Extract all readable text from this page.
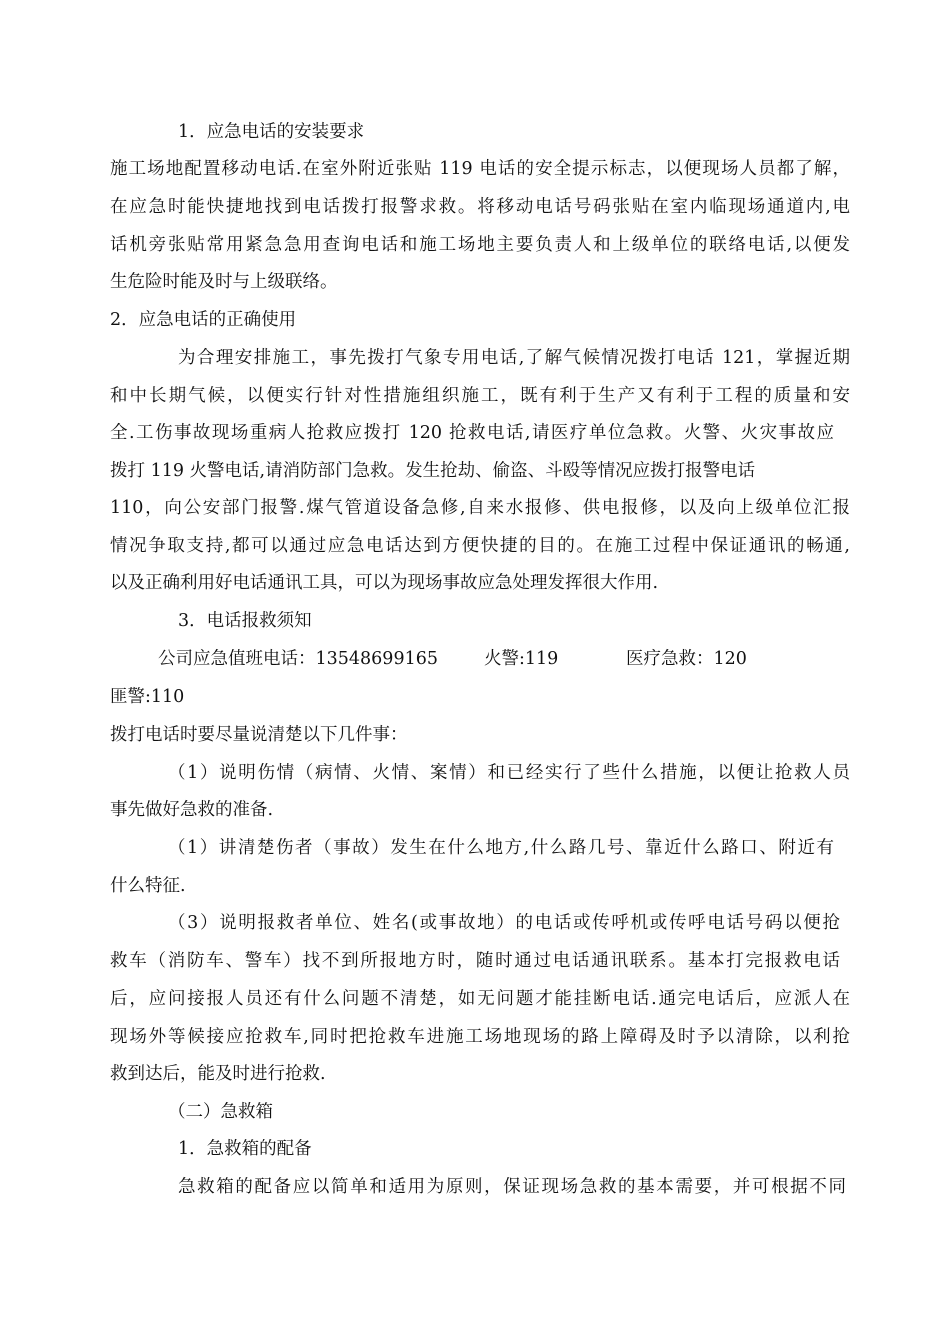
1．应急电话的安装要求
施工场地配置移动电话.在室外附近张贴 119 电话的安全提示标志，以便现场人员都了解，
在应急时能快捷地找到电话拨打报警求救。将移动电话号码张贴在室内临现场通道内,电
话机旁张贴常用紧急急用查询电话和施工场地主要负责人和上级单位的联络电话,以便发
生危险时能及时与上级联络。
2．应急电话的正确使用
为合理安排施工，事先拨打气象专用电话,了解气候情况拨打电话 121，掌握近期
和中长期气候，以便实行针对性措施组织施工，既有利于生产又有利于工程的质量和安
全.工伤事故现场重病人抢救应拨打 120 抢救电话,请医疗单位急救。火警、火灾事故应
拨打 119 火警电话,请消防部门急救。发生抢劫、偷盗、斗殴等情况应拨打报警电话
110，向公安部门报警.煤气管道设备急修,自来水报修、供电报修，以及向上级单位汇报
情况争取支持,都可以通过应急电话达到方便快捷的目的。在施工过程中保证通讯的畅通,
以及正确利用好电话通讯工具，可以为现场事故应急处理发挥很大作用.
3．电话报救须知
公司应急值班电话：13548699165	火警:119	医疗急救：120
匪警:110
拨打电话时要尽量说清楚以下几件事：
（1）说明伤情（病情、火情、案情）和已经实行了些什么措施，以便让抢救人员
事先做好急救的准备.
（1）讲清楚伤者（事故）发生在什么地方,什么路几号、靠近什么路口、附近有
什么特征.
（3）说明报救者单位、姓名(或事故地）的电话或传呼机或传呼电话号码以便抢
救车（消防车、警车）找不到所报地方时，随时通过电话通讯联系。基本打完报救电话
后，应问接报人员还有什么问题不清楚，如无问题才能挂断电话.通完电话后，应派人在
现场外等候接应抢救车,同时把抢救车进施工场地现场的路上障碍及时予以清除，以利抢
救到达后，能及时进行抢救.
（二）急救箱
1．急救箱的配备
急救箱的配备应以简单和适用为原则，保证现场急救的基本需要，并可根据不同
